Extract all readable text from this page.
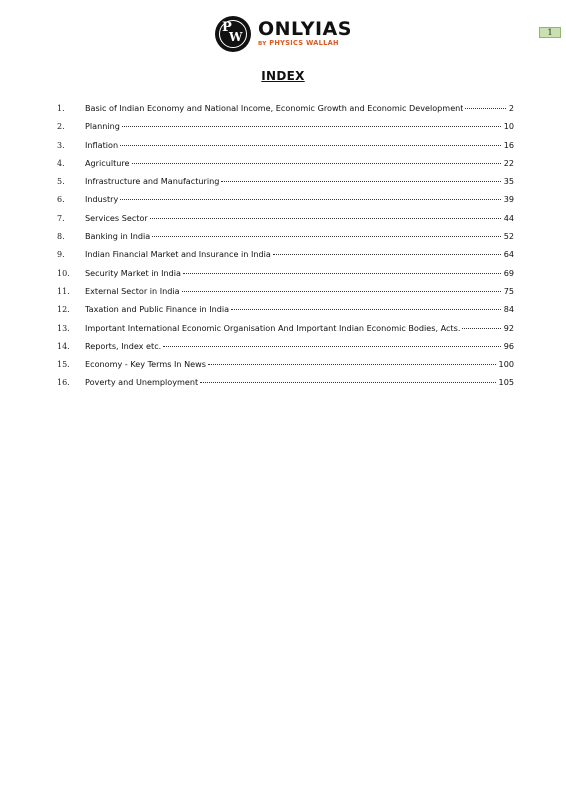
P
W ONLYIAS
BY PHYSICS WALLAH
1
INDEX
1.	Basic of Indian Economy and National Income, Economic Growth and Economic Development	2
2.	Planning	10
3.	Inflation	16
4.	Agriculture	22
5.	Infrastructure and Manufacturing	35
6.	Industry	39
7.	Services Sector	44
8.	Banking in India	52
9.	Indian Financial Market and Insurance in India	64
10.	Security Market in India	69
11.	External Sector in India	75
12.	Taxation and Public Finance in India	84
13.	Important International Economic Organisation And Important Indian Economic Bodies, Acts.	92
14.	Reports, Index etc.	96
15.	Economy - Key Terms In News	100
16.	Poverty and Unemployment	105
